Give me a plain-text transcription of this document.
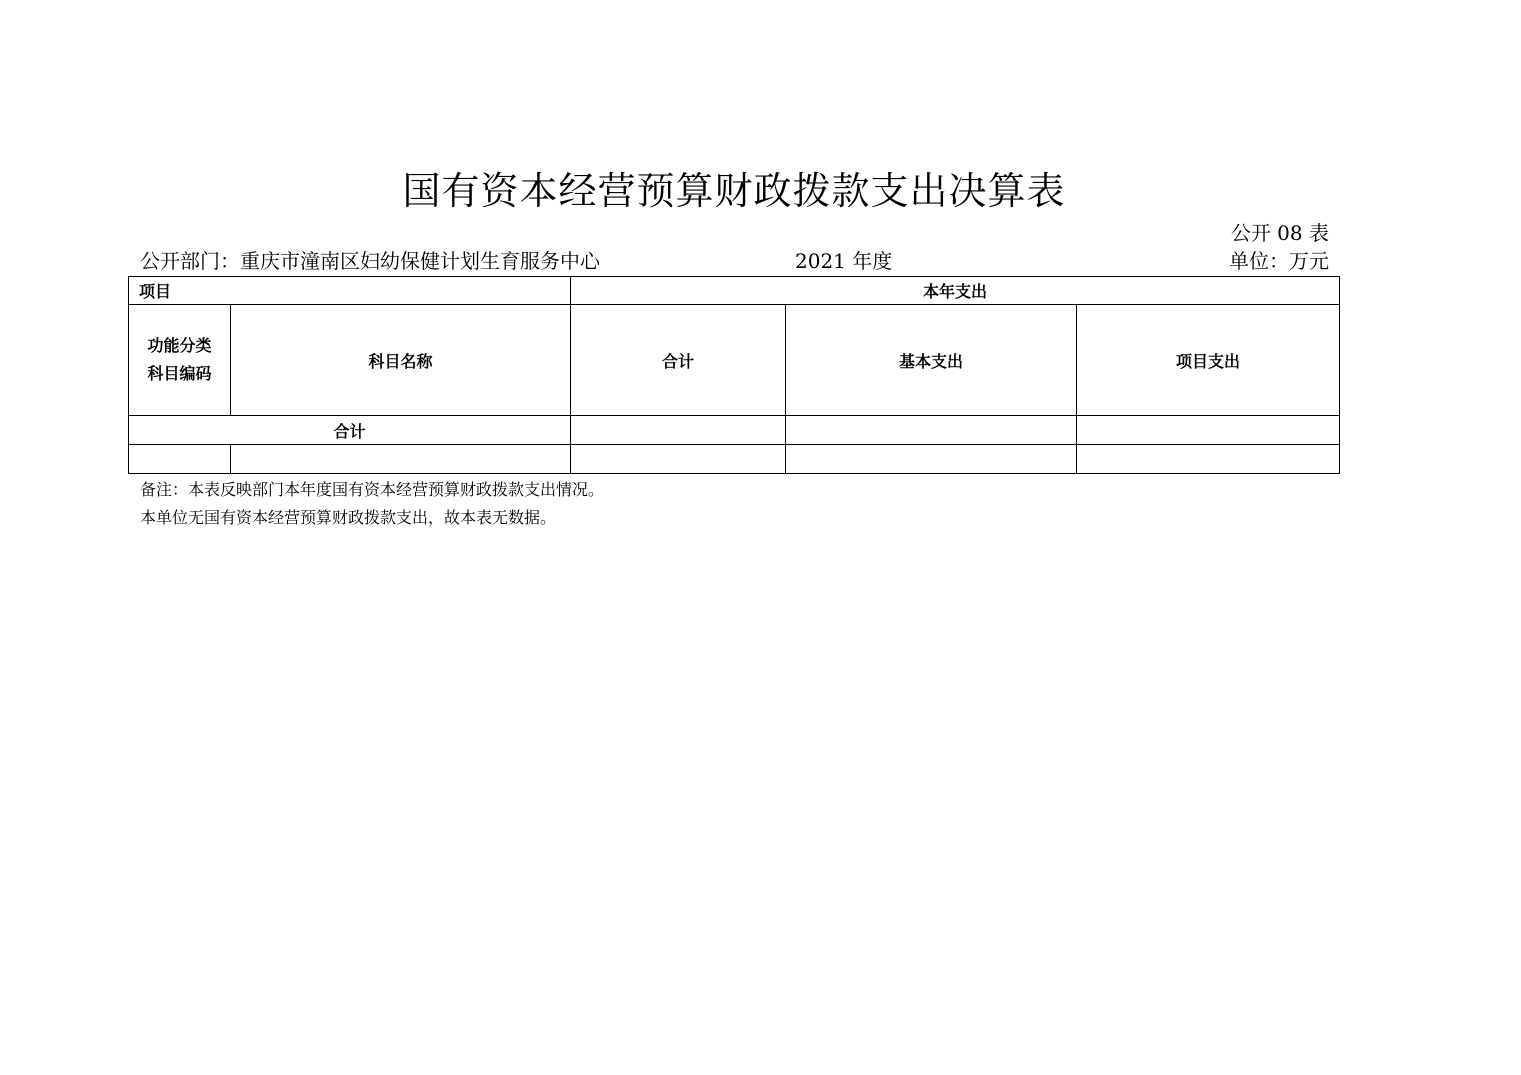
国有资本经营预算财政拨款支出决算表
公开 08 表
公开部门：重庆市潼南区妇幼保健计划生育服务中心	2021 年度	单位：万元
项目		本年支出		
功能分类
科目编码	科目名称	合计	基本支出	项目支出
合计				

备注：本表反映部门本年度国有资本经营预算财政拨款支出情况。
本单位无国有资本经营预算财政拨款支出，故本表无数据。
